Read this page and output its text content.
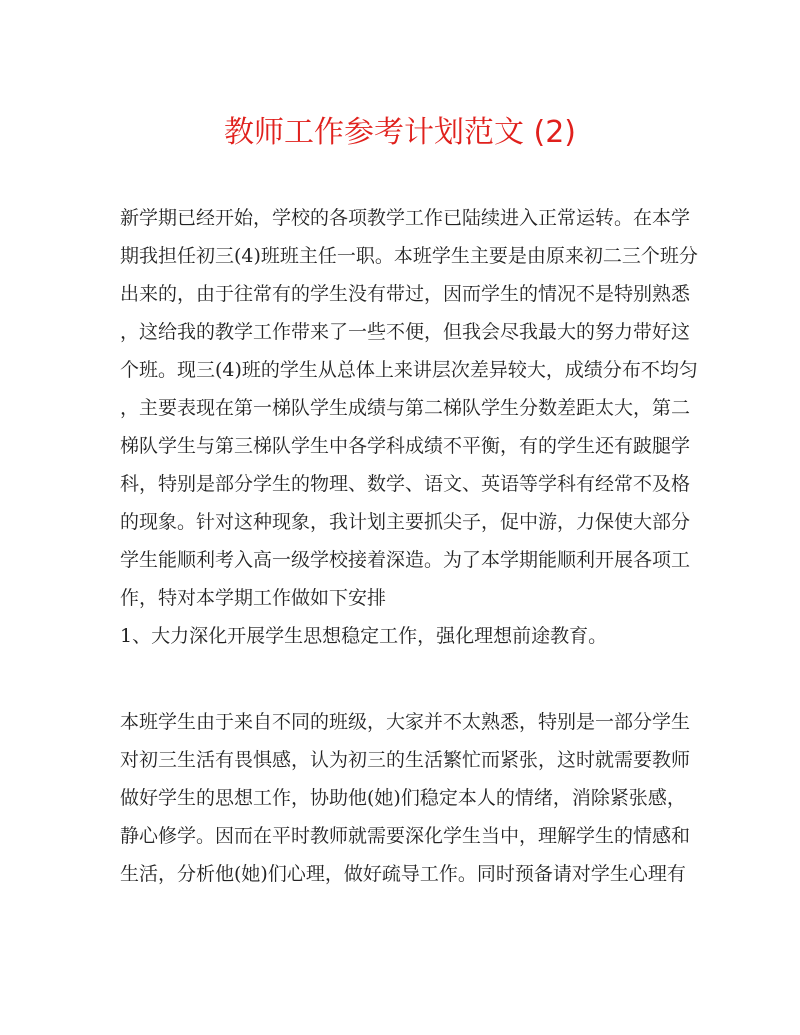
教师工作参考计划范文 (2)
新学期已经开始，学校的各项教学工作已陆续进入正常运转。在本学
期我担任初三(4)班班主任一职。本班学生主要是由原来初二三个班分
出来的，由于往常有的学生没有带过，因而学生的情况不是特别熟悉
，这给我的教学工作带来了一些不便，但我会尽我最大的努力带好这
个班。现三(4)班的学生从总体上来讲层次差异较大，成绩分布不均匀
，主要表现在第一梯队学生成绩与第二梯队学生分数差距太大，第二
梯队学生与第三梯队学生中各学科成绩不平衡，有的学生还有跛腿学
科，特别是部分学生的物理、数学、语文、英语等学科有经常不及格
的现象。针对这种现象，我计划主要抓尖子，促中游，力保使大部分
学生能顺利考入高一级学校接着深造。为了本学期能顺利开展各项工
作，特对本学期工作做如下安排
1、大力深化开展学生思想稳定工作，强化理想前途教育。
本班学生由于来自不同的班级，大家并不太熟悉，特别是一部分学生
对初三生活有畏惧感，认为初三的生活繁忙而紧张，这时就需要教师
做好学生的思想工作，协助他(她)们稳定本人的情绪，消除紧张感，
静心修学。因而在平时教师就需要深化学生当中，理解学生的情感和
生活，分析他(她)们心理，做好疏导工作。同时预备请对学生心理有
